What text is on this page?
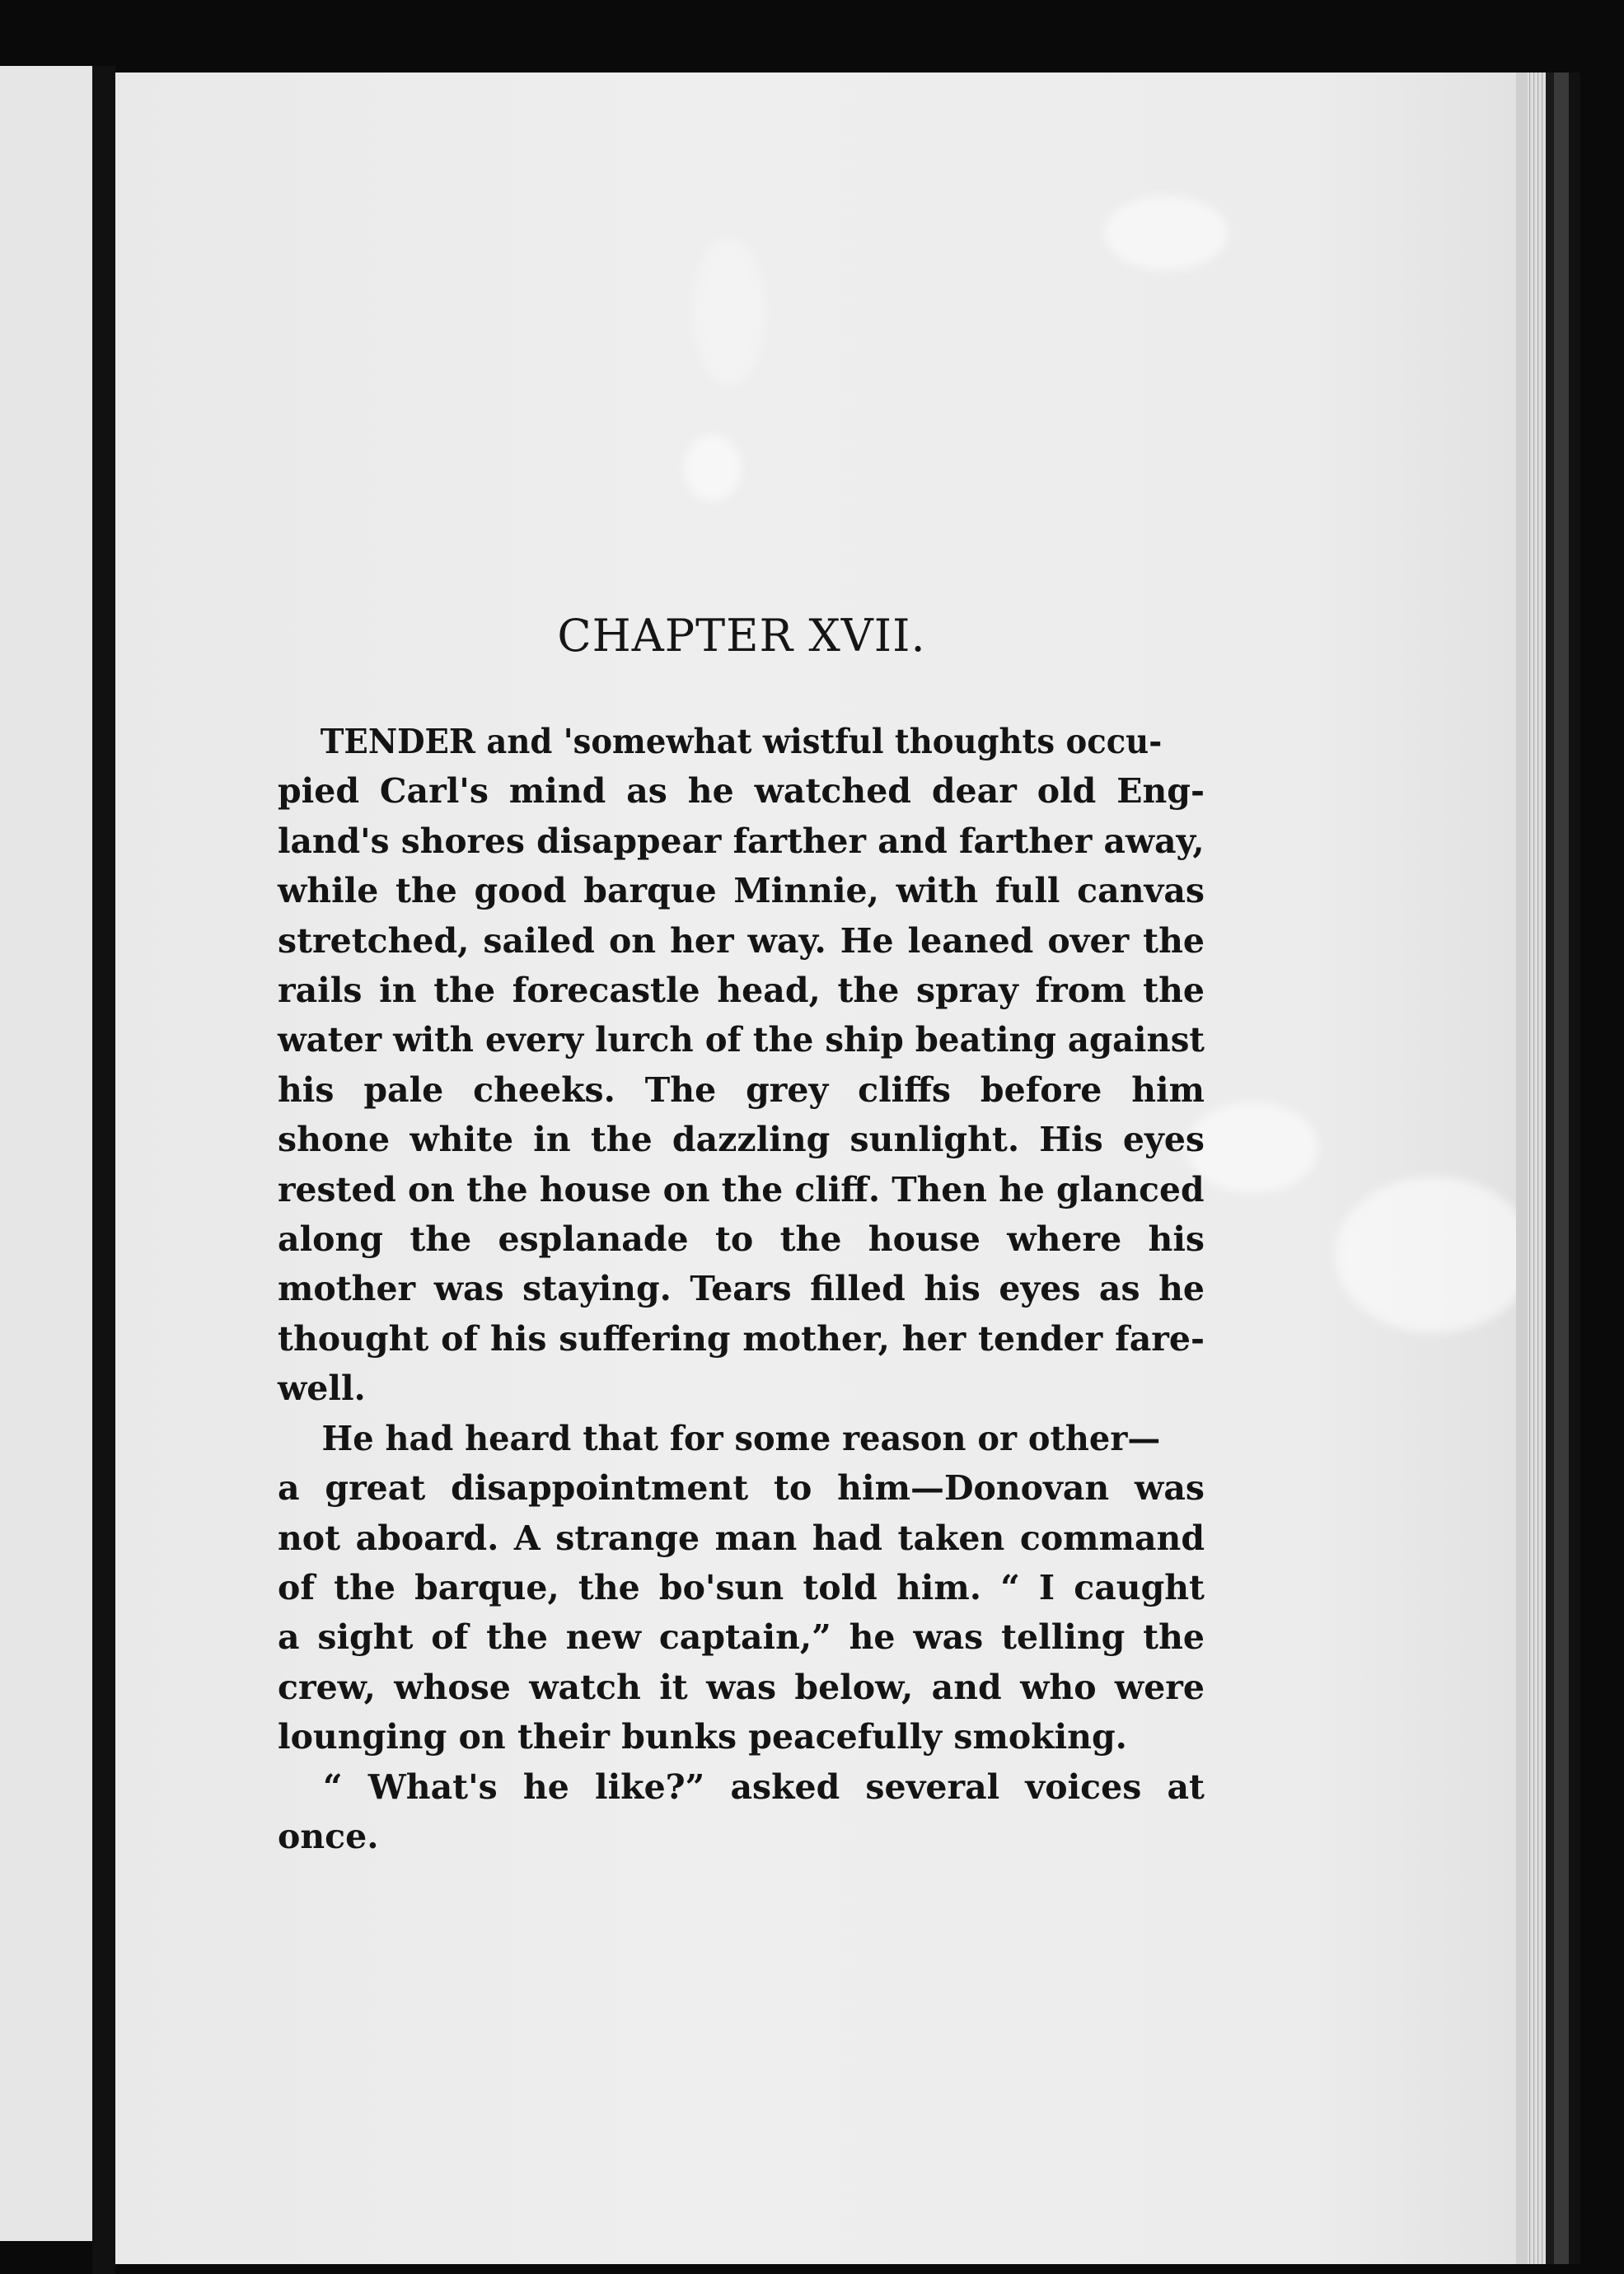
CHAPTER XVII.
TENDER and 'somewhat wistful thoughts occu-
pied Carl's mind as he watched dear old Eng-
land's shores disappear farther and farther away,
while the good barque Minnie, with full canvas
stretched, sailed on her way. He leaned over the
rails in the forecastle head, the spray from the
water with every lurch of the ship beating against
his pale cheeks. The grey cliffs before him
shone white in the dazzling sunlight. His eyes
rested on the house on the cliff. Then he glanced
along the esplanade to the house where his
mother was staying. Tears filled his eyes as he
thought of his suffering mother, her tender fare-
well.
He had heard that for some reason or other—
a great disappointment to him—Donovan was
not aboard. A strange man had taken command
of the barque, the bo'sun told him. “ I caught
a sight of the new captain,” he was telling the
crew, whose watch it was below, and who were
lounging on their bunks peacefully smoking.
“ What's he like?” asked several voices at
once.
